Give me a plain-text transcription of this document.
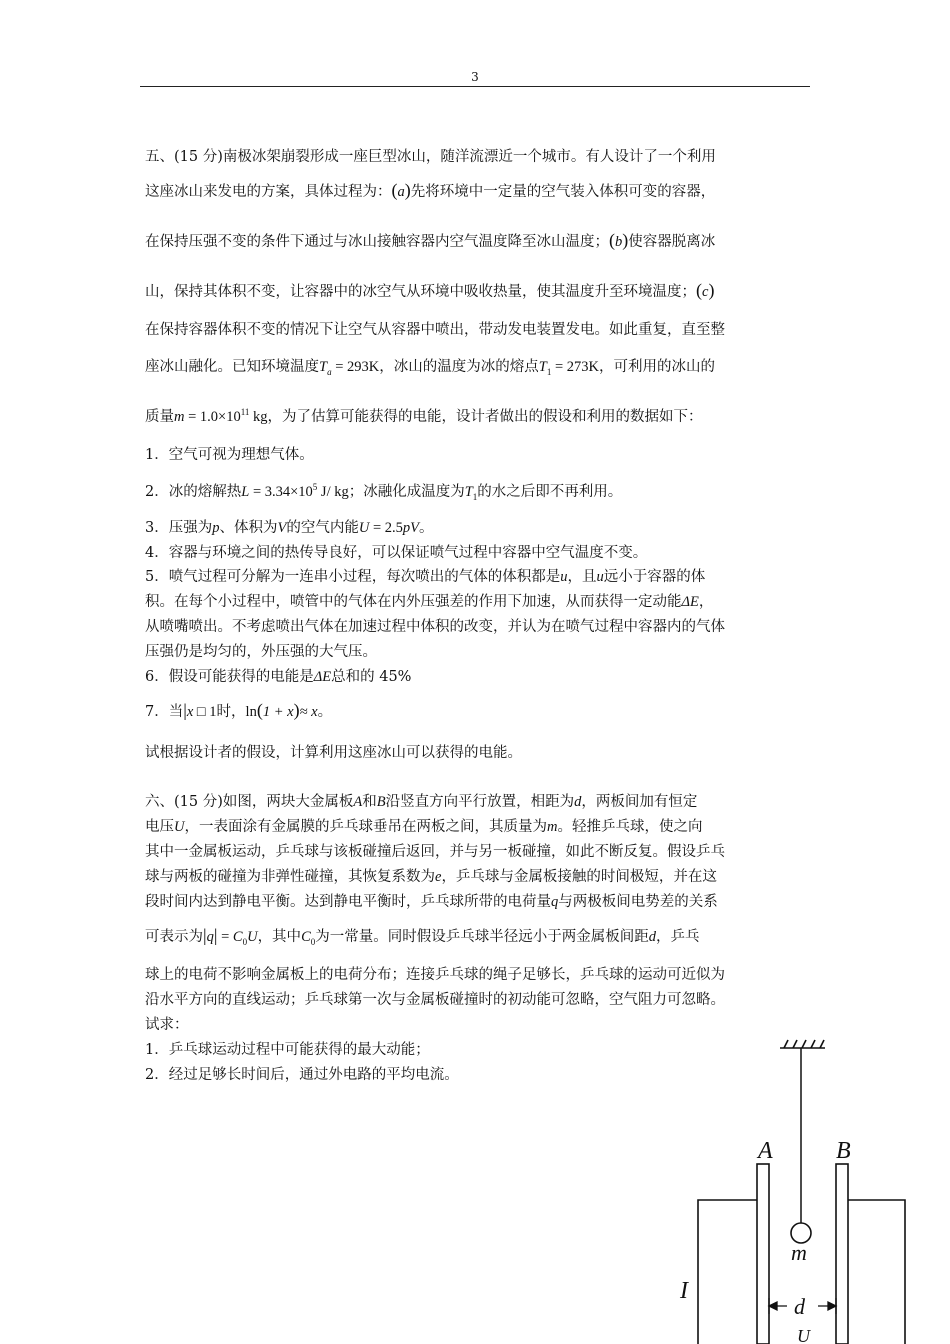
3
五、(15 分)南极冰架崩裂形成一座巨型冰山，随洋流漂近一个城市。有人设计了一个利用
这座冰山来发电的方案，具体过程为：(a)先将环境中一定量的空气装入体积可变的容器，
在保持压强不变的条件下通过与冰山接触容器内空气温度降至冰山温度；(b)使容器脱离冰
山，保持其体积不变，让容器中的冰空气从环境中吸收热量，使其温度升至环境温度；(c)
在保持容器体积不变的情况下让空气从容器中喷出，带动发电装置发电。如此重复，直至整
座冰山融化。已知环境温度$T_a = 293K$，冰山的温度为冰的熔点$T_1 = 273K$，可利用的冰山的
质量$m = 1.0\times 10^{11}$ kg，为了估算可能获得的电能，设计者做出的假设和利用的数据如下：
1．空气可视为理想气体。
2．冰的熔解热$L = 3.34\times 10^5$ J/ kg；冰融化成温度为$T_1$的水之后即不再利用。
3．压强为p、体积为V的空气内能U = 2.5pV。
4．容器与环境之间的热传导良好，可以保证喷气过程中容器中空气温度不变。
5．喷气过程可分解为一连串小过程，每次喷出的气体的体积都是u，且u远小于容器的体
积。在每个小过程中，喷管中的气体在内外压强差的作用下加速，从而获得一定动能ΔE，
从喷嘴喷出。不考虑喷出气体在加速过程中体积的改变，并认为在喷气过程中容器内的气体
压强仍是均匀的，外压强的大气压。
6．假设可能获得的电能是ΔE总和的 45%
7．当|x □ 1时，ln(1 + x)≈ x。
试根据设计者的假设，计算利用这座冰山可以获得的电能。
六、(15 分)如图，两块大金属板A和B沿竖直方向平行放置，相距为d，两板间加有恒定
电压U，一表面涂有金属膜的乒乓球垂吊在两板之间，其质量为m。轻推乒乓球，使之向
其中一金属板运动，乒乓球与该板碰撞后返回，并与另一板碰撞，如此不断反复。假设乒乓
球与两板的碰撞为非弹性碰撞，其恢复系数为e，乒乓球与金属板接触的时间极短，并在这
段时间内达到静电平衡。达到静电平衡时，乒乓球所带的电荷量q与两极板间电势差的关系
可表示为$|q| = C_0U$，其中$C_0$为一常量。同时假设乒乓球半径远小于两金属板间距d，乒乓
球上的电荷不影响金属板上的电荷分布；连接乒乓球的绳子足够长，乒乓球的运动可近似为
沿水平方向的直线运动；乒乓球第一次与金属板碰撞时的初动能可忽略，空气阻力可忽略。
试求：
1．乒乓球运动过程中可能获得的最大动能；
2．经过足够长时间后，通过外电路的平均电流。
A	B
m
I
d
U
